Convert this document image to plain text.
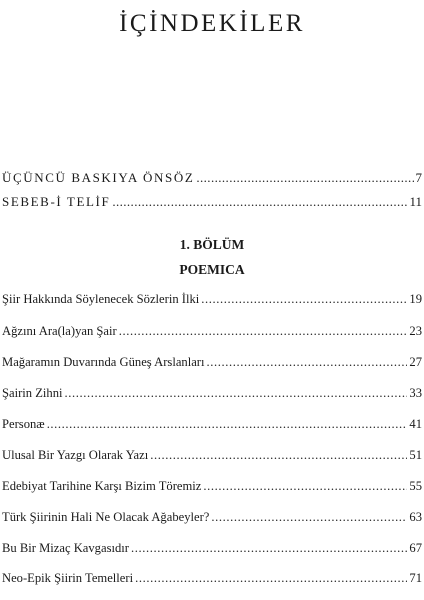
İÇİNDEKİLER
ÜÇÜNCÜ BASKIYA ÖNSÖZ .....	7
SEBEB-İ TELİF .....	11
1. BÖLÜM
POEMICA
Şiir Hakkında Söylenecek Sözlerin İlki .....	19
Ağzını Ara(la)yan Şair .....	23
Mağaramın Duvarında Güneş Arslanları .....	27
Şairin Zihni .....	33
Personæ .....	41
Ulusal Bir Yazgı Olarak Yazı .....	51
Edebiyat Tarihine Karşı Bizim Töremiz .....	55
Türk Şiirinin Hali Ne Olacak Ağabeyler? .....	63
Bu Bir Mizaç Kavgasıdır .....	67
Neo-Epik Şiirin Temelleri .....	71
